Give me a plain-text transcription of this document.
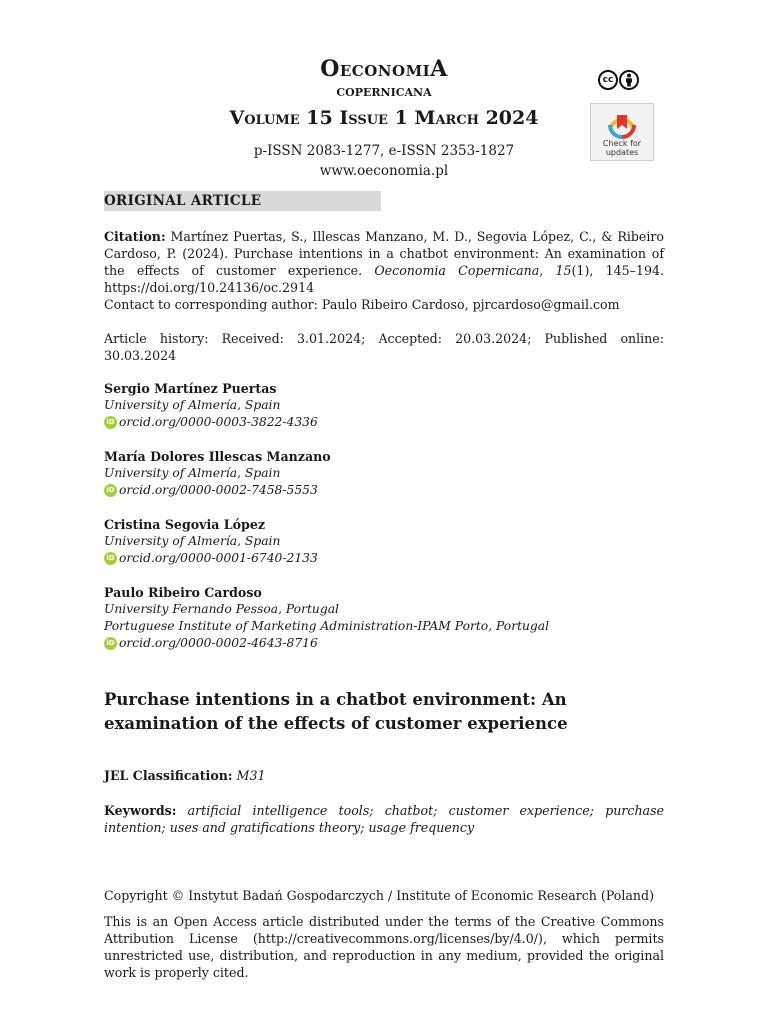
OeconomiA
copernicana
Volume 15 Issue 1 March 2024
p-ISSN 2083-1277, e-ISSN 2353-1827
www.oeconomia.pl
cc
Check for updates
ORIGINAL ARTICLE
Citation: Martínez Puertas, S., Illescas Manzano, M. D., Segovia López, C., & Ribeiro Cardoso, P. (2024). Purchase intentions in a chatbot environment: An examination of the effects of customer experience. Oeconomia Copernicana, 15(1), 145–194. https://doi.org/10.24136/oc.2914
Contact to corresponding author: Paulo Ribeiro Cardoso, pjrcardoso@gmail.com
Article history: Received: 3.01.2024; Accepted: 20.03.2024; Published online: 30.03.2024
Sergio Martínez Puertas
University of Almería, Spain
iD orcid.org/0000-0003-3822-4336
María Dolores Illescas Manzano
University of Almería, Spain
iD orcid.org/0000-0002-7458-5553
Cristina Segovia López
University of Almería, Spain
iD orcid.org/0000-0001-6740-2133
Paulo Ribeiro Cardoso
University Fernando Pessoa, Portugal
Portuguese Institute of Marketing Administration-IPAM Porto, Portugal
iD orcid.org/0000-0002-4643-8716
Purchase intentions in a chatbot environment: An examination of the effects of customer experience
JEL Classification: M31
Keywords: artificial intelligence tools; chatbot; customer experience; purchase intention; uses and gratifications theory; usage frequency
Copyright © Instytut Badań Gospodarczych / Institute of Economic Research (Poland)
This is an Open Access article distributed under the terms of the Creative Commons Attribution License (http://creativecommons.org/licenses/by/4.0/), which permits unrestricted use, distribution, and reproduction in any medium, provided the original work is properly cited.
